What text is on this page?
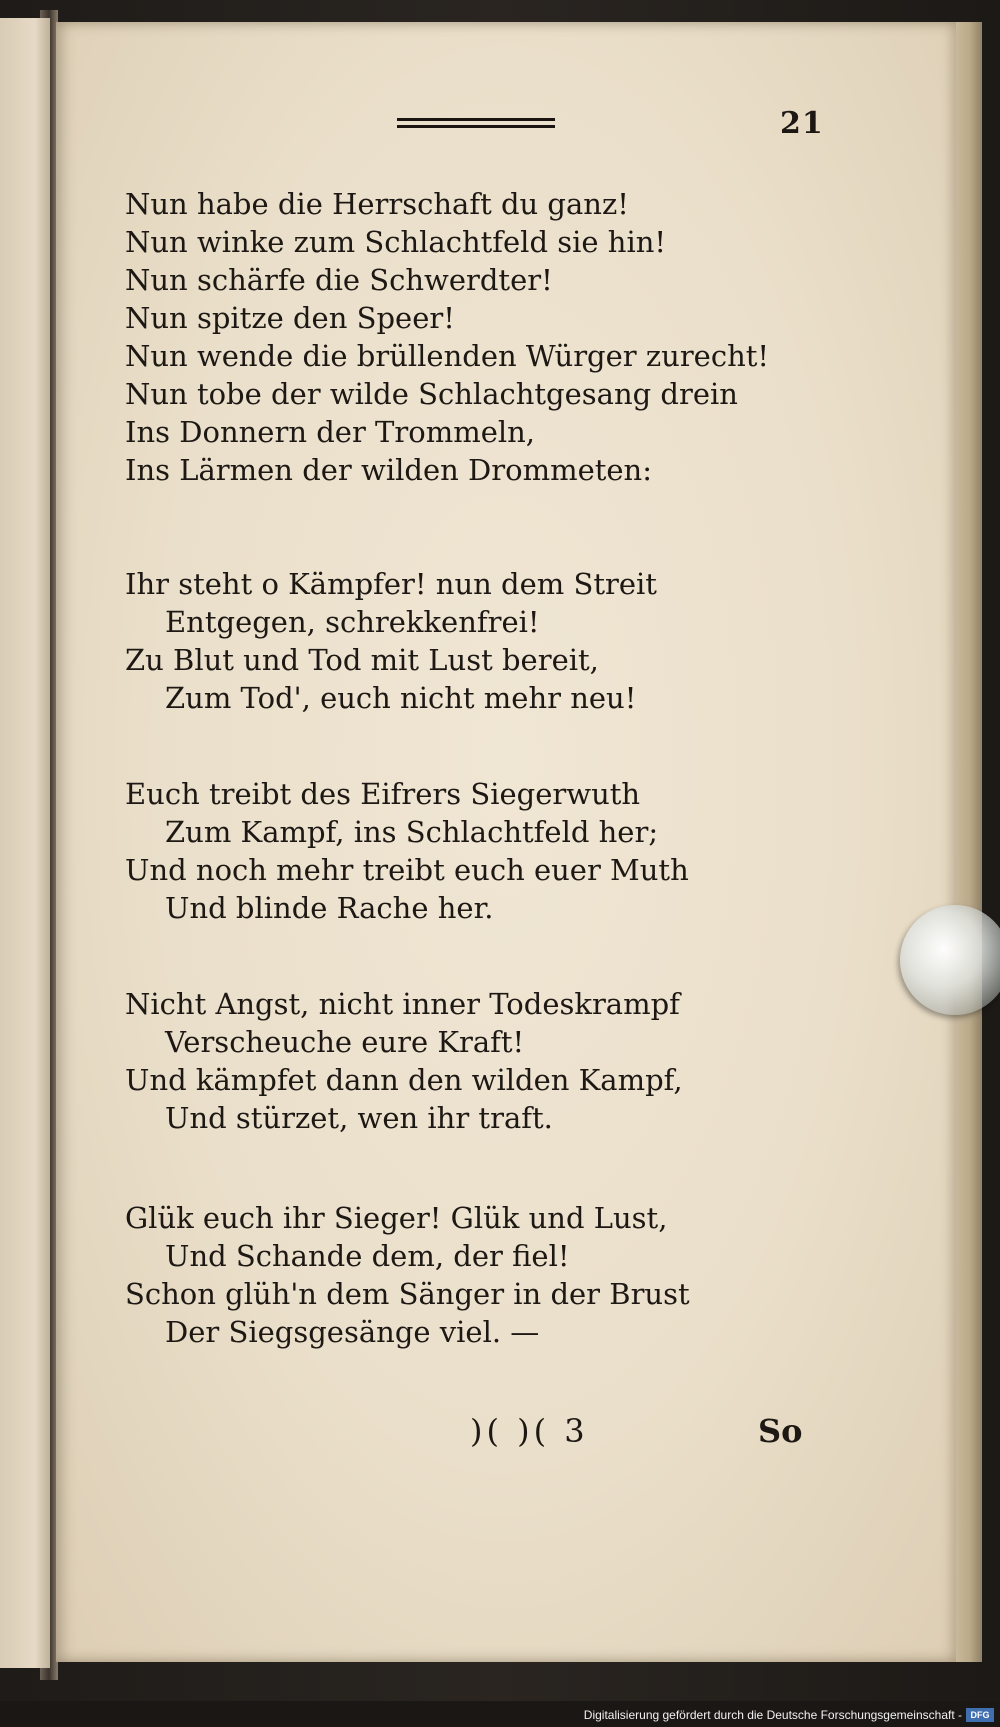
21
Nun habe die Herrschaft du ganz!
Nun winke zum Schlachtfeld sie hin!
Nun schärfe die Schwerdter!
Nun spitze den Speer!
Nun wende die brüllenden Würger zurecht!
Nun tobe der wilde Schlachtgesang drein
Ins Donnern der Trommeln,
Ins Lärmen der wilden Drommeten:
Ihr steht o Kämpfer! nun dem Streit
Entgegen, schrekkenfrei!
Zu Blut und Tod mit Lust bereit,
Zum Tod', euch nicht mehr neu!
Euch treibt des Eifrers Siegerwuth
Zum Kampf, ins Schlachtfeld her;
Und noch mehr treibt euch euer Muth
Und blinde Rache her.
Nicht Angst, nicht inner Todeskrampf
Verscheuche eure Kraft!
Und kämpfet dann den wilden Kampf,
Und stürzet, wen ihr traft.
Glük euch ihr Sieger! Glük und Lust,
Und Schande dem, der fiel!
Schon glüh'n dem Sänger in der Brust
Der Siegsgesänge viel. —
)( )( 3	So
Digitalisierung gefördert durch die Deutsche Forschungsgemeinschaft - DFG
